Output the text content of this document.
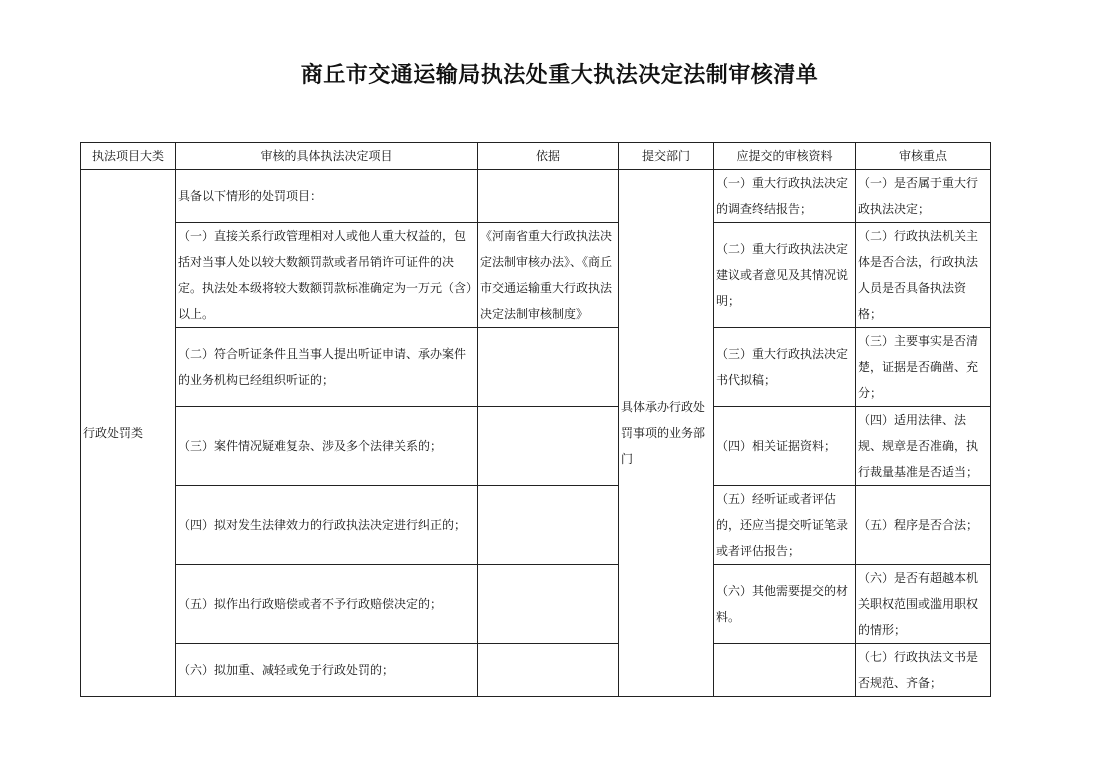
商丘市交通运输局执法处重大执法决定法制审核清单
执法项目大类	审核的具体执法决定项目	依据	提交部门	应提交的审核资料	审核重点
行政处罚类	具备以下情形的处罚项目：		具体承办行政处罚事项的业务部门	（一）重大行政执法决定的调查终结报告；	（一）是否属于重大行政执法决定；
	（一）直接关系行政管理相对人或他人重大权益的，包括对当事人处以较大数额罚款或者吊销许可证件的决定。执法处本级将较大数额罚款标准确定为一万元（含）以上。	《河南省重大行政执法决定法制审核办法》、《商丘市交通运输重大行政执法决定法制审核制度》		（二）重大行政执法决定建议或者意见及其情况说明；	（二）行政执法机关主体是否合法，行政执法人员是否具备执法资格；
	（二）符合听证条件且当事人提出听证申请、承办案件的业务机构已经组织听证的；			（三）重大行政执法决定书代拟稿；	（三）主要事实是否清楚，证据是否确凿、充分；
	（三）案件情况疑难复杂、涉及多个法律关系的；			（四）相关证据资料；	（四）适用法律、法规、规章是否准确，执行裁量基准是否适当；
	（四）拟对发生法律效力的行政执法决定进行纠正的；			（五）经听证或者评估的，还应当提交听证笔录或者评估报告；	（五）程序是否合法；
	（五）拟作出行政赔偿或者不予行政赔偿决定的；			（六）其他需要提交的材料。	（六）是否有超越本机关职权范围或滥用职权的情形；
	（六）拟加重、减轻或免于行政处罚的；				（七）行政执法文书是否规范、齐备；
